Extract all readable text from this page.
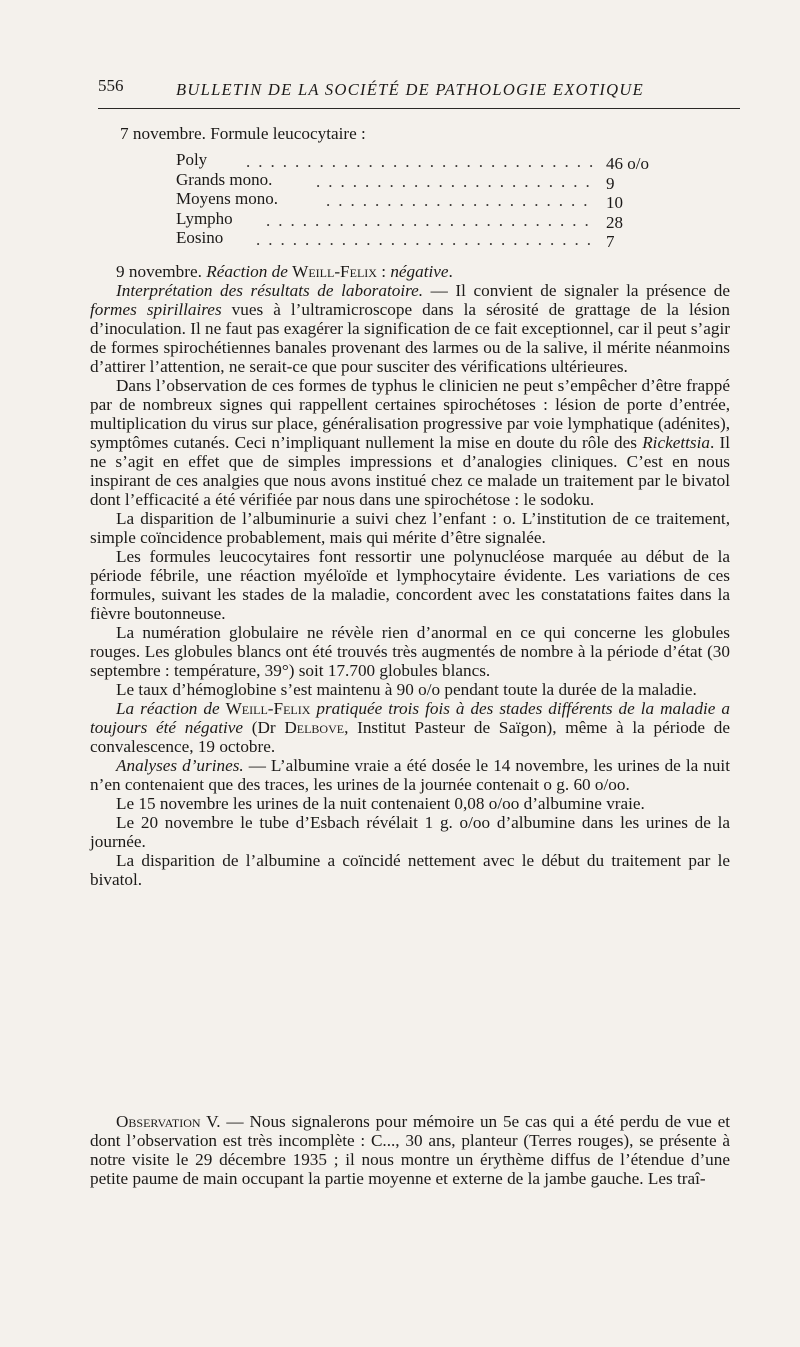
556	BULLETIN DE LA SOCIÉTÉ DE PATHOLOGIE EXOTIQUE
7 novembre. Formule leucocytaire :
Poly ............................. 46 o/o
Grands mono.	....................... 9
Moyens mono.	...................... 10
Lympho ........................... 28
Eosino ............................ 7

9 novembre. Réaction de Weill-Felix : négative.

Interprétation des résultats de laboratoire. — Il convient de signaler la présence de formes spirillaires vues à l’ultramicroscope dans la sérosité de grattage de la lésion d’inoculation. Il ne faut pas exagérer la signification de ce fait exceptionnel, car il peut s’agir de formes spirochétiennes banales provenant des larmes ou de la salive, il mérite néanmoins d’attirer l’attention, ne serait-ce que pour susciter des vérifications ultérieures.

Dans l’observation de ces formes de typhus le clinicien ne peut s’empêcher d’être frappé par de nombreux signes qui rappellent certaines spirochétoses : lésion de porte d’entrée, multiplication du virus sur place, généralisation progressive par voie lymphatique (adénites), symptômes cutanés. Ceci n’impliquant nullement la mise en doute du rôle des Rickettsia. Il ne s’agit en effet que de simples impressions et d’analogies cliniques. C’est en nous inspirant de ces analgies que nous avons institué chez ce malade un traitement par le bivatol dont l’efficacité a été vérifiée par nous dans une spirochétose : le sodoku.

La disparition de l’albuminurie a suivi chez l’enfant : o. L’institution de ce traitement, simple coïncidence probablement, mais qui mérite d’être signalée.

Les formules leucocytaires font ressortir une polynucléose marquée au début de la période fébrile, une réaction myéloïde et lymphocytaire évidente. Les variations de ces formules, suivant les stades de la maladie, concordent avec les constatations faites dans la fièvre boutonneuse.

La numération globulaire ne révèle rien d’anormal en ce qui concerne les globules rouges. Les globules blancs ont été trouvés très augmentés de nombre à la période d’état (30 septembre : température, 39°) soit 17.700 globules blancs.

Le taux d’hémoglobine s’est maintenu à 90 o/o pendant toute la durée de la maladie.

La réaction de Weill-Felix pratiquée trois fois à des stades différents de la maladie a toujours été négative (Dr Delbove, Institut Pasteur de Saïgon), même à la période de convalescence, 19 octobre.

Analyses d’urines. — L’albumine vraie a été dosée le 14 novembre, les urines de la nuit n’en contenaient que des traces, les urines de la journée contenait o g. 60 o/oo.

Le 15 novembre les urines de la nuit contenaient 0,08 o/oo d’albumine vraie.

Le 20 novembre le tube d’Esbach révélait 1 g. o/oo d’albumine dans les urines de la journée.

La disparition de l’albumine a coïncidé nettement avec le début du traitement par le bivatol.

Observation V. — Nous signalerons pour mémoire un 5e cas qui a été perdu de vue et dont l’observation est très incomplète : C..., 30 ans, planteur (Terres rouges), se présente à notre visite le 29 décembre 1935 ; il nous montre un érythème diffus de l’étendue d’une petite paume de main occupant la partie moyenne et externe de la jambe gauche. Les traî-
